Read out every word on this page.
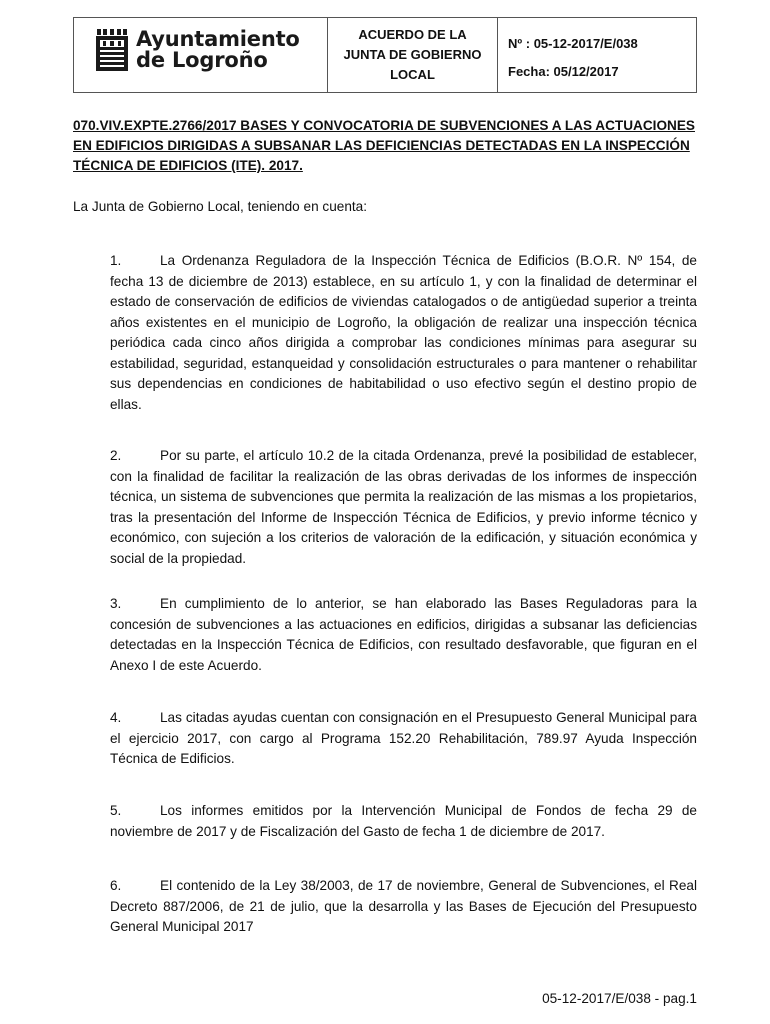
Ayuntamiento
de Logroño
ACUERDO DE LA
JUNTA DE GOBIERNO
LOCAL
Nº : 05-12-2017/E/038
Fecha: 05/12/2017
070.VIV.EXPTE.2766/2017 BASES Y CONVOCATORIA DE SUBVENCIONES A LAS ACTUACIONES EN EDIFICIOS DIRIGIDAS A SUBSANAR LAS DEFICIENCIAS DETECTADAS EN LA INSPECCIÓN TÉCNICA DE EDIFICIOS (ITE). 2017.
La Junta de Gobierno Local, teniendo en cuenta:
1.	La Ordenanza Reguladora de la Inspección Técnica de Edificios (B.O.R. Nº 154, de fecha 13 de diciembre de 2013) establece, en su artículo 1, y con la finalidad de determinar el estado de conservación de edificios de viviendas catalogados o de antigüedad superior a treinta años existentes en el municipio de Logroño, la obligación de realizar una inspección técnica periódica cada cinco años dirigida a comprobar las condiciones mínimas para asegurar su estabilidad, seguridad, estanqueidad y consolidación estructurales o para mantener o rehabilitar sus dependencias en condiciones de habitabilidad o uso efectivo según el destino propio de ellas.
2.	Por su parte, el artículo 10.2 de la citada Ordenanza, prevé la posibilidad de establecer, con la finalidad de facilitar la realización de las obras derivadas de los informes de inspección técnica, un sistema de subvenciones que permita la realización de las mismas a los propietarios, tras la presentación del Informe de Inspección Técnica de Edificios, y previo informe técnico y económico, con sujeción a los criterios de valoración de la edificación, y situación económica y social de la propiedad.
3.	En cumplimiento de lo anterior, se han elaborado las Bases Reguladoras para la concesión de subvenciones a las actuaciones en edificios, dirigidas a subsanar las deficiencias detectadas en la Inspección Técnica de Edificios, con resultado desfavorable, que figuran en el Anexo I de este Acuerdo.
4.	Las citadas ayudas cuentan con consignación en el Presupuesto General Municipal para el ejercicio 2017, con cargo al Programa 152.20 Rehabilitación, 789.97 Ayuda Inspección Técnica de Edificios.
5.	Los informes emitidos por la Intervención Municipal de Fondos de fecha 29 de noviembre de 2017 y de Fiscalización del Gasto de fecha 1 de diciembre de 2017.
6.	El contenido de la Ley 38/2003, de 17 de noviembre, General de Subvenciones, el Real Decreto 887/2006, de 21 de julio, que la desarrolla y las Bases de Ejecución del Presupuesto General Municipal 2017
05-12-2017/E/038 - pag.1
